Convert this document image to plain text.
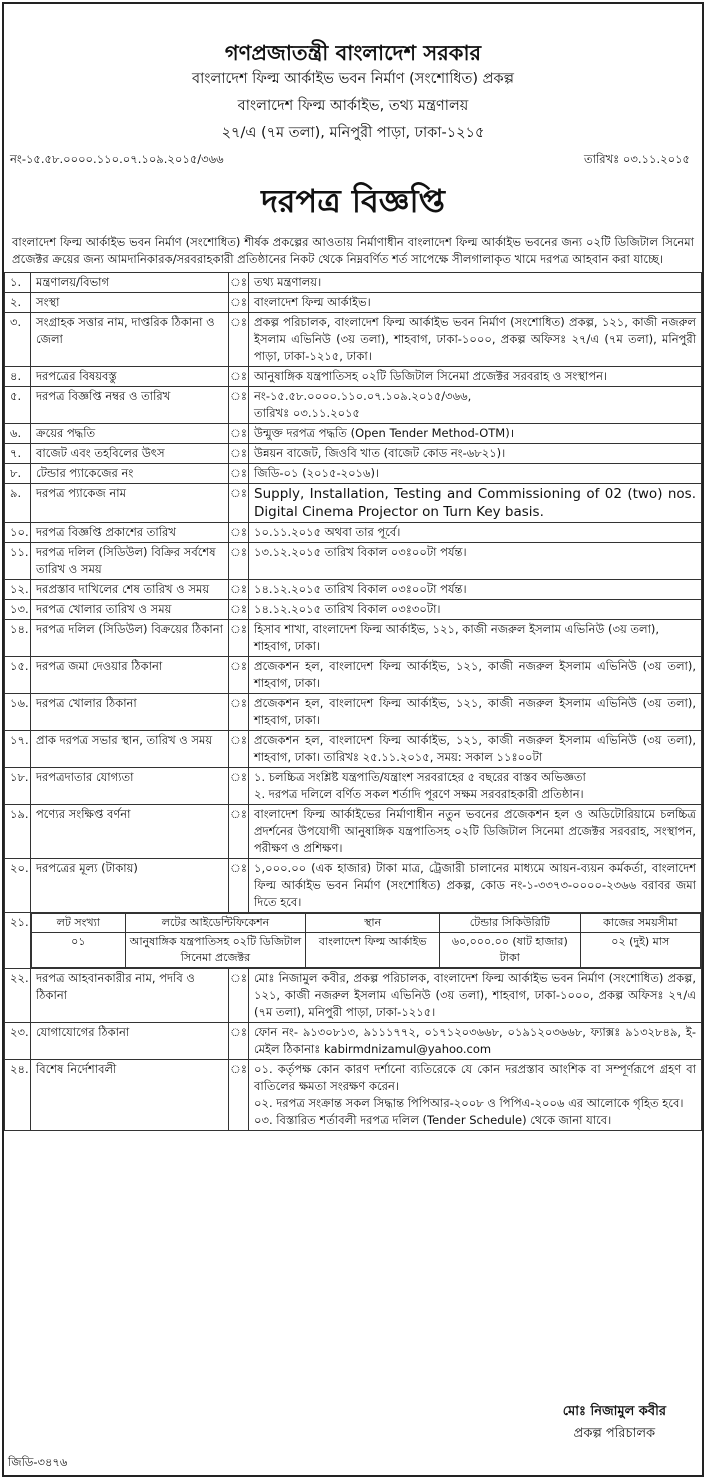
গণপ্রজাতন্ত্রী বাংলাদেশ সরকার
বাংলাদেশ ফিল্ম আর্কাইভ ভবন নির্মাণ (সংশোধিত) প্রকল্প
বাংলাদেশ ফিল্ম আর্কাইভ, তথ্য মন্ত্রণালয়
২৭/এ (৭ম তলা), মনিপুরী পাড়া, ঢাকা-১২১৫
নং-১৫.৫৮.০০০০.১১০.০৭.১০৯.২০১৫/৩৬৬	তারিখঃ ০৩.১১.২০১৫
দরপত্র বিজ্ঞপ্তি
বাংলাদেশ ফিল্ম আর্কাইভ ভবন নির্মাণ (সংশোধিত) শীর্ষক প্রকল্পের আওতায় নির্মাণাধীন বাংলাদেশ ফিল্ম আর্কাইভ ভবনের জন্য ০২টি ডিজিটাল সিনেমা প্রজেক্টর ক্রয়ের জন্য আমদানিকারক/সরবরাহকারী প্রতিষ্ঠানের নিকট থেকে নিম্নবর্ণিত শর্ত সাপেক্ষে সীলগালাকৃত খামে দরপত্র আহবান করা যাচ্ছে।
১.	মন্ত্রণালয়/বিভাগ	ঃ	তথ্য মন্ত্রণালয়।

২.	সংস্থা	ঃ	বাংলাদেশ ফিল্ম আর্কাইভ।

৩.	সংগ্রাহক সত্তার নাম, দাপ্তরিক ঠিকানা ও জেলা	ঃ	প্রকল্প পরিচালক, বাংলাদেশ ফিল্ম আর্কাইভ ভবন নির্মাণ (সংশোধিত) প্রকল্প, ১২১, কাজী নজরুল ইসলাম এভিনিউ (৩য় তলা), শাহবাগ, ঢাকা-১০০০, প্রকল্প অফিসঃ ২৭/এ (৭ম তলা), মনিপুরী পাড়া, ঢাকা-১২১৫, ঢাকা।

৪.	দরপত্রের বিষয়বস্তু	ঃ	আনুষাঙ্গিক যন্ত্রপাতিসহ ০২টি ডিজিটাল সিনেমা প্রজেক্টর সরবরাহ ও সংস্থাপন।

৫.	দরপত্র বিজ্ঞপ্তি নম্বর ও তারিখ	ঃ	নং-১৫.৫৮.০০০০.১১০.০৭.১০৯.২০১৫/৩৬৬,
তারিখঃ ০৩.১১.২০১৫

৬.	ক্রয়ের পদ্ধতি	ঃ	উন্মুক্ত দরপত্র পদ্ধতি (Open Tender Method-OTM)।

৭.	বাজেট এবং তহবিলের উৎস	ঃ	উন্নয়ন বাজেট, জিওবি খাত (বাজেট কোড নং-৬৮২১)।

৮.	টেন্ডার প্যাকেজের নং	ঃ	জিডি-০১ (২০১৫-২০১৬)।

৯.	দরপত্র প্যাকেজ নাম	ঃ	Supply, Installation, Testing and Commissioning of 02 (two) nos. Digital Cinema Projector on Turn Key basis.

১০.	দরপত্র বিজ্ঞপ্তি প্রকাশের তারিখ	ঃ	১০.১১.২০১৫ অথবা তার পূর্বে।

১১.	দরপত্র দলিল (সিডিউল) বিক্রির সর্বশেষ তারিখ ও সময়	ঃ	১৩.১২.২০১৫ তারিখ বিকাল ০৩ঃ০০টা পর্যন্ত।

১২.	দরপ্রস্তাব দাখিলের শেষ তারিখ ও সময়	ঃ	১৪.১২.২০১৫ তারিখ বিকাল ০৩ঃ০০টা পর্যন্ত।

১৩.	দরপত্র খোলার তারিখ ও সময়	ঃ	১৪.১২.২০১৫ তারিখ বিকাল ০৩ঃ৩০টা।

১৪.	দরপত্র দলিল (সিডিউল) বিক্রয়ের ঠিকানা	ঃ	হিসাব শাখা, বাংলাদেশ ফিল্ম আর্কাইভ, ১২১, কাজী নজরুল ইসলাম এভিনিউ (৩য় তলা),
শাহবাগ, ঢাকা।

১৫.	দরপত্র জমা দেওয়ার ঠিকানা	ঃ	প্রজেকশন হল, বাংলাদেশ ফিল্ম আর্কাইভ, ১২১, কাজী নজরুল ইসলাম এভিনিউ (৩য় তলা), শাহবাগ, ঢাকা।

১৬.	দরপত্র খোলার ঠিকানা	ঃ	প্রজেকশন হল, বাংলাদেশ ফিল্ম আর্কাইভ, ১২১, কাজী নজরুল ইসলাম এভিনিউ (৩য় তলা), শাহবাগ, ঢাকা।

১৭.	প্রাক দরপত্র সভার স্থান, তারিখ ও সময়	ঃ	প্রজেকশন হল, বাংলাদেশ ফিল্ম আর্কাইভ, ১২১, কাজী নজরুল ইসলাম এভিনিউ (৩য় তলা), শাহবাগ, ঢাকা। তারিখঃ ২৫.১১.২০১৫, সময়: সকাল ১১ঃ০০টা

১৮.	দরপত্রদাতার যোগ্যতা	ঃ	১. চলচ্চিত্র সংশ্লিষ্ট যন্ত্রপাতি/যন্ত্রাংশ সরবরাহের ৫ বছরের বাস্তব অভিজ্ঞতা
২. দরপত্র দলিলে বর্ণিত সকল শর্তাদি পূরণে সক্ষম সরবরাহকারী প্রতিষ্ঠান।

১৯.	পণ্যের সংক্ষিপ্ত বর্ণনা	ঃ	বাংলাদেশ ফিল্ম আর্কাইভের নির্মাণাধীন নতুন ভবনের প্রজেকশন হল ও অডিটোরিয়ামে চলচ্চিত্র প্রদর্শনের উপযোগী আনুষাঙ্গিক যন্ত্রপাতিসহ ০২টি ডিজিটাল সিনেমা প্রজেক্টর সরবরাহ, সংস্থাপন, পরীক্ষণ ও প্রশিক্ষণ।

২০.	দরপত্রের মূল্য (টাকায়)	ঃ	১,০০০.০০ (এক হাজার) টাকা মাত্র, ট্রেজারী চালানের মাধ্যমে আয়ন-ব্যয়ন কর্মকর্তা, বাংলাদেশ ফিল্ম আর্কাইভ ভবন নির্মাণ (সংশোধিত) প্রকল্প, কোড নং-১-৩৩৭৩-০০০০-২৩৬৬ বরাবর জমা দিতে হবে।

২১.		লট সংখ্যা	লটের আইডেন্টিফিকেশন	স্থান	টেন্ডার সিকিউরিটি	কাজের সময়সীমা
০১	আনুষাঙ্গিক যন্ত্রপাতিসহ ০২টি ডিজিটাল সিনেমা প্রজেক্টর	বাংলাদেশ ফিল্ম আর্কাইভ	৬০,০০০.০০ (ষাট হাজার) টাকা	০২ (দুই) মাস

২২.	দরপত্র আহবানকারীর নাম, পদবি ও ঠিকানা	ঃ	মোঃ নিজামুল কবীর, প্রকল্প পরিচালক, বাংলাদেশ ফিল্ম আর্কাইভ ভবন নির্মাণ (সংশোধিত) প্রকল্প, ১২১, কাজী নজরুল ইসলাম এভিনিউ (৩য় তলা), শাহবাগ, ঢাকা-১০০০, প্রকল্প অফিসঃ ২৭/এ (৭ম তলা), মনিপুরী পাড়া, ঢাকা-১২১৫।

২৩.	যোগাযোগের ঠিকানা	ঃ	ফোন নং- ৯১৩০৮১৩, ৯১১১৭৭২, ০১৭১২০৩৬৬৮, ০১৯১২০৩৬৬৮, ফ্যাক্সঃ ৯১৩২৮৪৯, ই-মেইল ঠিকানাঃ kabirmdnizamul@yahoo.com

২৪.	বিশেষ নির্দেশাবলী	ঃ	০১. কর্তৃপক্ষ কোন কারণ দর্শানো ব্যতিরেকে যে কোন দরপ্রস্তাব আংশিক বা সম্পূর্ণরূপে গ্রহণ বা বাতিলের ক্ষমতা সংরক্ষণ করেন।
০২. দরপত্র সংক্রান্ত সকল সিদ্ধান্ত পিপিআর-২০০৮ ও পিপিএ-২০০৬ এর আলোকে গৃহিত হবে।
০৩. বিস্তারিত শর্তাবলী দরপত্র দলিল (Tender Schedule) থেকে জানা যাবে।
মোঃ নিজামুল কবীর
প্রকল্প পরিচালক
জিডি-৩৪৭৬
